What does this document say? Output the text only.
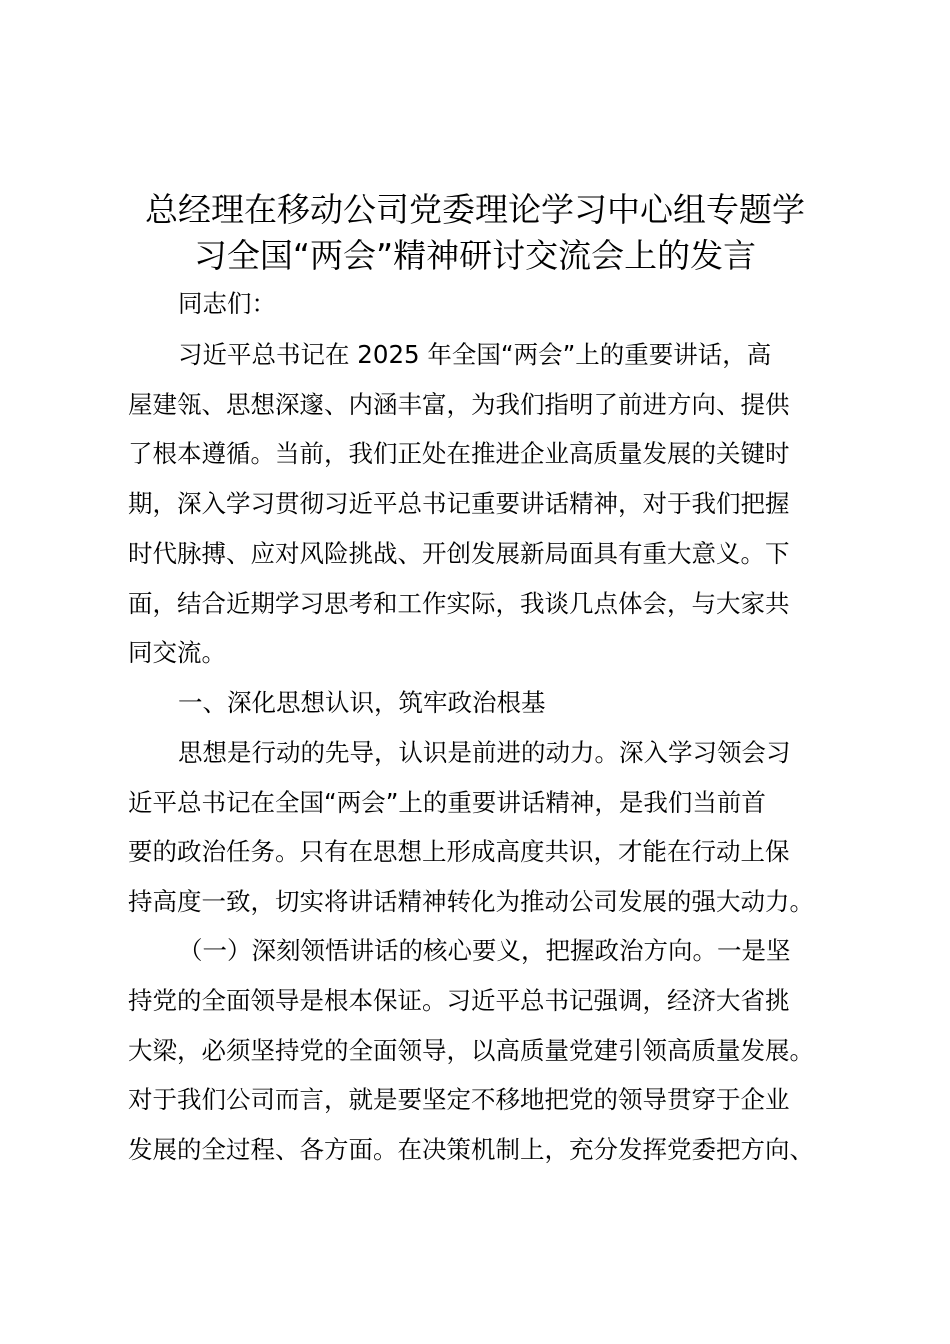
总经理在移动公司党委理论学习中心组专题学
习全国“两会”精神研讨交流会上的发言
同志们：
习近平总书记在 2025 年全国“两会”上的重要讲话，高
屋建瓴、思想深邃、内涵丰富，为我们指明了前进方向、提供
了根本遵循。当前，我们正处在推进企业高质量发展的关键时
期，深入学习贯彻习近平总书记重要讲话精神，对于我们把握
时代脉搏、应对风险挑战、开创发展新局面具有重大意义。下
面，结合近期学习思考和工作实际，我谈几点体会，与大家共
同交流。
一、深化思想认识，筑牢政治根基
思想是行动的先导，认识是前进的动力。深入学习领会习
近平总书记在全国“两会”上的重要讲话精神，是我们当前首
要的政治任务。只有在思想上形成高度共识，才能在行动上保
持高度一致，切实将讲话精神转化为推动公司发展的强大动力。
（一）深刻领悟讲话的核心要义，把握政治方向。一是坚
持党的全面领导是根本保证。习近平总书记强调，经济大省挑
大梁，必须坚持党的全面领导，以高质量党建引领高质量发展。
对于我们公司而言，就是要坚定不移地把党的领导贯穿于企业
发展的全过程、各方面。在决策机制上，充分发挥党委把方向、
